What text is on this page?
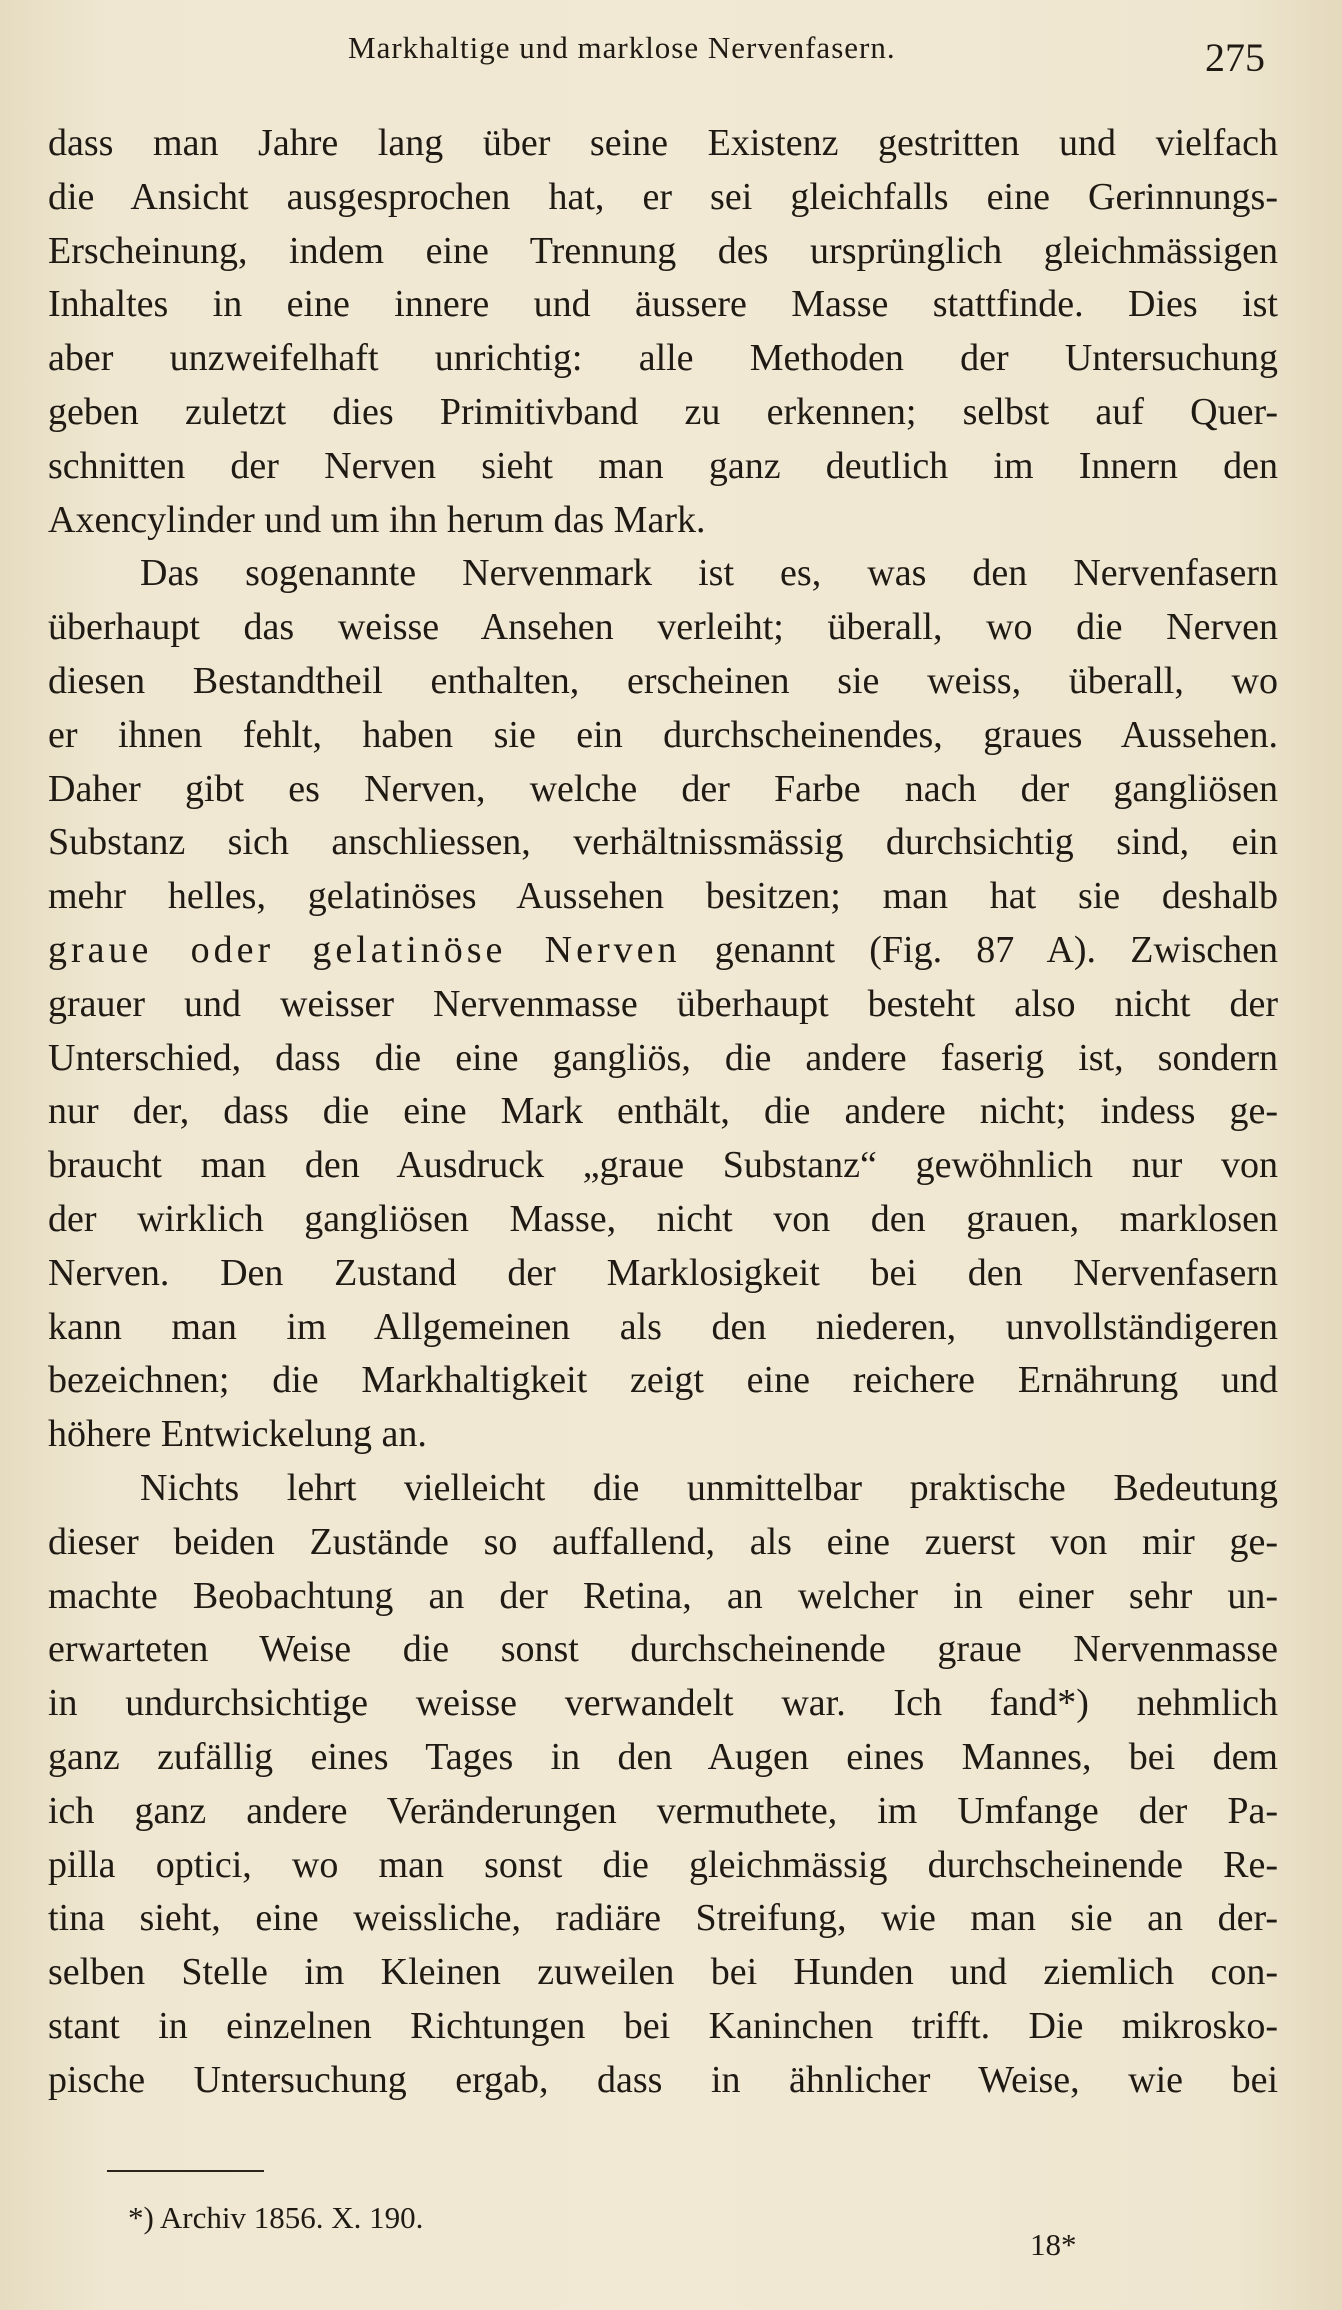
Markhaltige und marklose Nervenfasern.	275

dass man Jahre lang über seine Existenz gestritten und vielfach
die Ansicht ausgesprochen hat, er sei gleichfalls eine Gerinnungs-
Erscheinung, indem eine Trennung des ursprünglich gleichmässigen
Inhaltes in eine innere und äussere Masse stattfinde. Dies ist
aber unzweifelhaft unrichtig: alle Methoden der Untersuchung
geben zuletzt dies Primitivband zu erkennen; selbst auf Quer-
schnitten der Nerven sieht man ganz deutlich im Innern den
Axencylinder und um ihn herum das Mark.

Das sogenannte Nervenmark ist es, was den Nervenfasern
überhaupt das weisse Ansehen verleiht; überall, wo die Nerven
diesen Bestandtheil enthalten, erscheinen sie weiss, überall, wo
er ihnen fehlt, haben sie ein durchscheinendes, graues Aussehen.
Daher gibt es Nerven, welche der Farbe nach der gangliösen
Substanz sich anschliessen, verhältnissmässig durchsichtig sind, ein
mehr helles, gelatinöses Aussehen besitzen; man hat sie deshalb
graue oder gelatinöse Nerven genannt (Fig. 87 A). Zwischen
grauer und weisser Nervenmasse überhaupt besteht also nicht der
Unterschied, dass die eine gangliös, die andere faserig ist, sondern
nur der, dass die eine Mark enthält, die andere nicht; indess ge-
braucht man den Ausdruck „graue Substanz“ gewöhnlich nur von
der wirklich gangliösen Masse, nicht von den grauen, marklosen
Nerven. Den Zustand der Marklosigkeit bei den Nervenfasern
kann man im Allgemeinen als den niederen, unvollständigeren
bezeichnen; die Markhaltigkeit zeigt eine reichere Ernährung und
höhere Entwickelung an.

Nichts lehrt vielleicht die unmittelbar praktische Bedeutung
dieser beiden Zustände so auffallend, als eine zuerst von mir ge-
machte Beobachtung an der Retina, an welcher in einer sehr un-
erwarteten Weise die sonst durchscheinende graue Nervenmasse
in undurchsichtige weisse verwandelt war. Ich fand*) nehmlich
ganz zufällig eines Tages in den Augen eines Mannes, bei dem
ich ganz andere Veränderungen vermuthete, im Umfange der Pa-
pilla optici, wo man sonst die gleichmässig durchscheinende Re-
tina sieht, eine weissliche, radiäre Streifung, wie man sie an der-
selben Stelle im Kleinen zuweilen bei Hunden und ziemlich con-
stant in einzelnen Richtungen bei Kaninchen trifft. Die mikrosko-
pische Untersuchung ergab, dass in ähnlicher Weise, wie bei

*) Archiv 1856. X. 190.
18*
